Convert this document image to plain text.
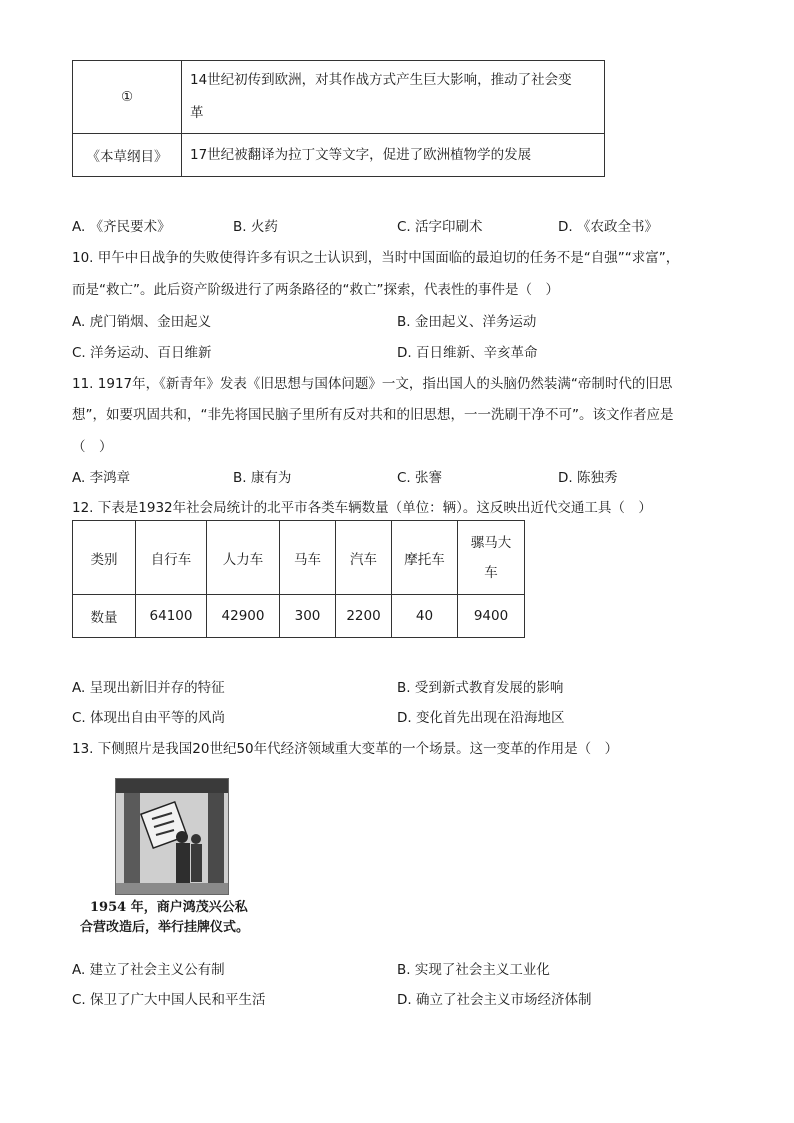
①	14世纪初传到欧洲，对其作战方式产生巨大影响，推动了社会变
革

《本草纲目》	17世纪被翻译为拉丁文等文字，促进了欧洲植物学的发展
A. 《齐民要术》	B. 火药	C. 活字印刷术	D. 《农政全书》
10. 甲午中日战争的失败使得许多有识之士认识到，当时中国面临的最迫切的任务不是“自强”“求富”，
而是“救亡”。此后资产阶级进行了两条路径的“救亡”探索，代表性的事件是（　）
A. 虎门销烟、金田起义	B. 金田起义、洋务运动
C. 洋务运动、百日维新	D. 百日维新、辛亥革命
11. 1917年，《新青年》发表《旧思想与国体问题》一文，指出国人的头脑仍然装满“帝制时代的旧思
想”，如要巩固共和，“非先将国民脑子里所有反对共和的旧思想，一一洗刷干净不可”。该文作者应是
（　）
A. 李鸿章	B. 康有为	C. 张謇	D. 陈独秀
12. 下表是1932年社会局统计的北平市各类车辆数量（单位：辆）。这反映出近代交通工具（　）
类别	自行车	人力车	马车	汽车	摩托车	骡马大
车

数量	64100	42900	300	2200	40	9400
A. 呈现出新旧并存的特征	B. 受到新式教育发展的影响
C. 体现出自由平等的风尚	D. 变化首先出现在沿海地区
13. 下侧照片是我国20世纪50年代经济领域重大变革的一个场景。这一变革的作用是（　）
1954 年，商户鸿茂兴公私
合营改造后，举行挂牌仪式。
A. 建立了社会主义公有制	B. 实现了社会主义工业化
C. 保卫了广大中国人民和平生活	D. 确立了社会主义市场经济体制
